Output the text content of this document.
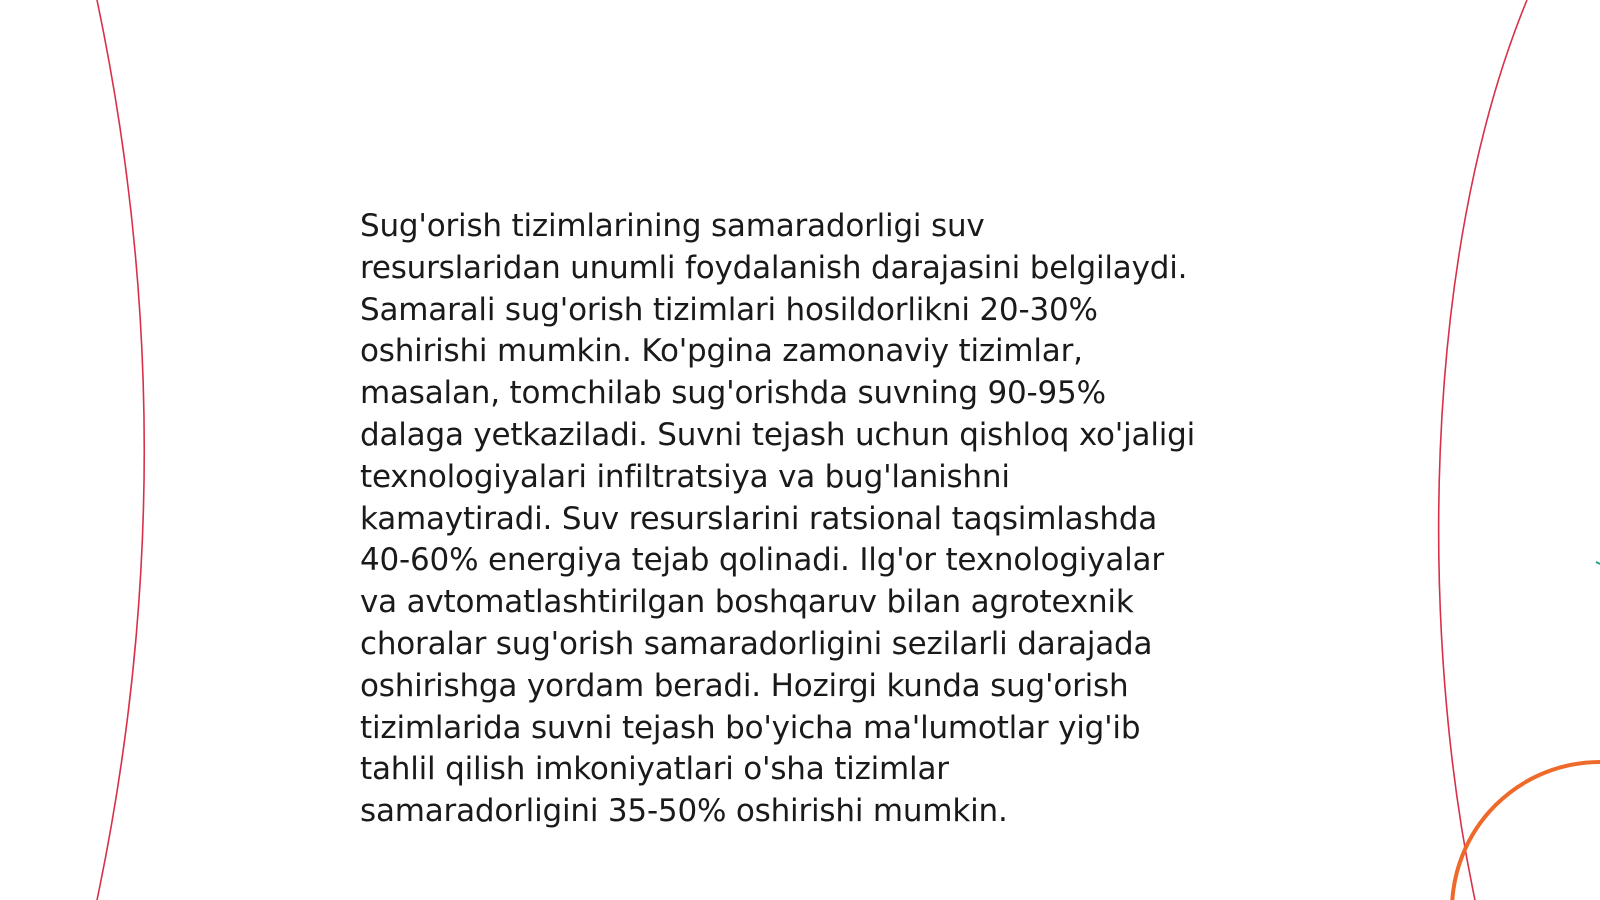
Sug'orish tizimlarining samaradorligi suv
resurslaridan unumli foydalanish darajasini belgilaydi.
Samarali sug'orish tizimlari hosildorlikni 20-30%
oshirishi mumkin. Ko'pgina zamonaviy tizimlar,
masalan, tomchilab sug'orishda suvning 90-95%
dalaga yetkaziladi. Suvni tejash uchun qishloq xo'jaligi
texnologiyalari infiltratsiya va bug'lanishni
kamaytiradi. Suv resurslarini ratsional taqsimlashda
40-60% energiya tejab qolinadi. Ilg'or texnologiyalar
va avtomatlashtirilgan boshqaruv bilan agrotexnik
choralar sug'orish samaradorligini sezilarli darajada
oshirishga yordam beradi. Hozirgi kunda sug'orish
tizimlarida suvni tejash bo'yicha ma'lumotlar yig'ib
tahlil qilish imkoniyatlari o'sha tizimlar
samaradorligini 35-50% oshirishi mumkin.
